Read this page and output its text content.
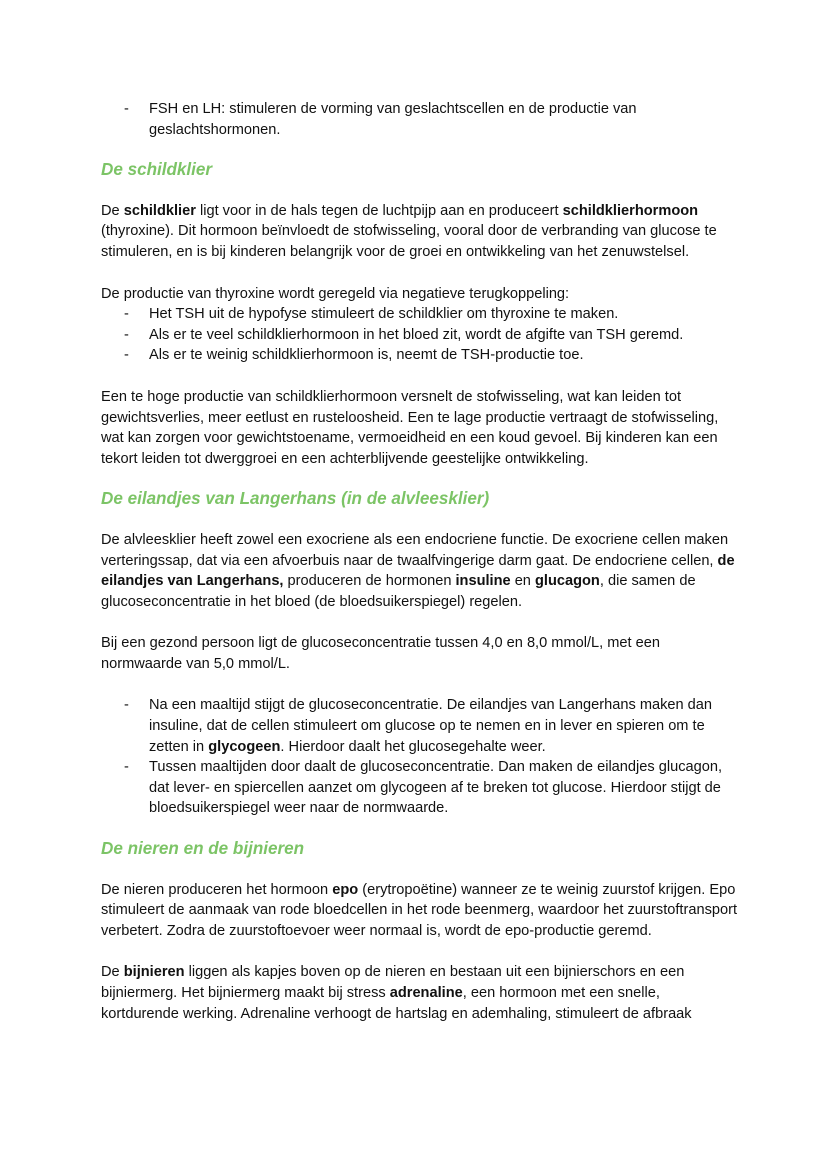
- FSH en LH: stimuleren de vorming van geslachtscellen en de productie van geslachtshormonen.
De schildklier

De schildklier ligt voor in de hals tegen de luchtpijp aan en produceert schildklierhormoon (thyroxine). Dit hormoon beïnvloedt de stofwisseling, vooral door de verbranding van glucose te stimuleren, en is bij kinderen belangrijk voor de groei en ontwikkeling van het zenuwstelsel.

De productie van thyroxine wordt geregeld via negatieve terugkoppeling:

- Het TSH uit de hypofyse stimuleert de schildklier om thyroxine te maken.
- Als er te veel schildklierhormoon in het bloed zit, wordt de afgifte van TSH geremd.
- Als er te weinig schildklierhormoon is, neemt de TSH-productie toe.

Een te hoge productie van schildklierhormoon versnelt de stofwisseling, wat kan leiden tot gewichtsverlies, meer eetlust en rusteloosheid. Een te lage productie vertraagt de stofwisseling, wat kan zorgen voor gewichtstoename, vermoeidheid en een koud gevoel. Bij kinderen kan een tekort leiden tot dwerggroei en een achterblijvende geestelijke ontwikkeling.

De eilandjes van Langerhans (in de alvleesklier)

De alvleesklier heeft zowel een exocriene als een endocriene functie. De exocriene cellen maken verteringssap, dat via een afvoerbuis naar de twaalfvingerige darm gaat. De endocriene cellen, de eilandjes van Langerhans, produceren de hormonen insuline en glucagon, die samen de glucoseconcentratie in het bloed (de bloedsuikerspiegel) regelen.

Bij een gezond persoon ligt de glucoseconcentratie tussen 4,0 en 8,0 mmol/L, met een normwaarde van 5,0 mmol/L.

- Na een maaltijd stijgt de glucoseconcentratie. De eilandjes van Langerhans maken dan insuline, dat de cellen stimuleert om glucose op te nemen en in lever en spieren om te zetten in glycogeen. Hierdoor daalt het glucosegehalte weer.
- Tussen maaltijden door daalt de glucoseconcentratie. Dan maken de eilandjes glucagon, dat lever- en spiercellen aanzet om glycogeen af te breken tot glucose. Hierdoor stijgt de bloedsuikerspiegel weer naar de normwaarde.
De nieren en de bijnieren

De nieren produceren het hormoon epo (erytropoëtine) wanneer ze te weinig zuurstof krijgen. Epo stimuleert de aanmaak van rode bloedcellen in het rode beenmerg, waardoor het zuurstoftransport verbetert. Zodra de zuurstoftoevoer weer normaal is, wordt de epo-productie geremd.

De bijnieren liggen als kapjes boven op de nieren en bestaan uit een bijnierschors en een bijniermerg. Het bijniermerg maakt bij stress adrenaline, een hormoon met een snelle, kortdurende werking. Adrenaline verhoogt de hartslag en ademhaling, stimuleert de afbraak
